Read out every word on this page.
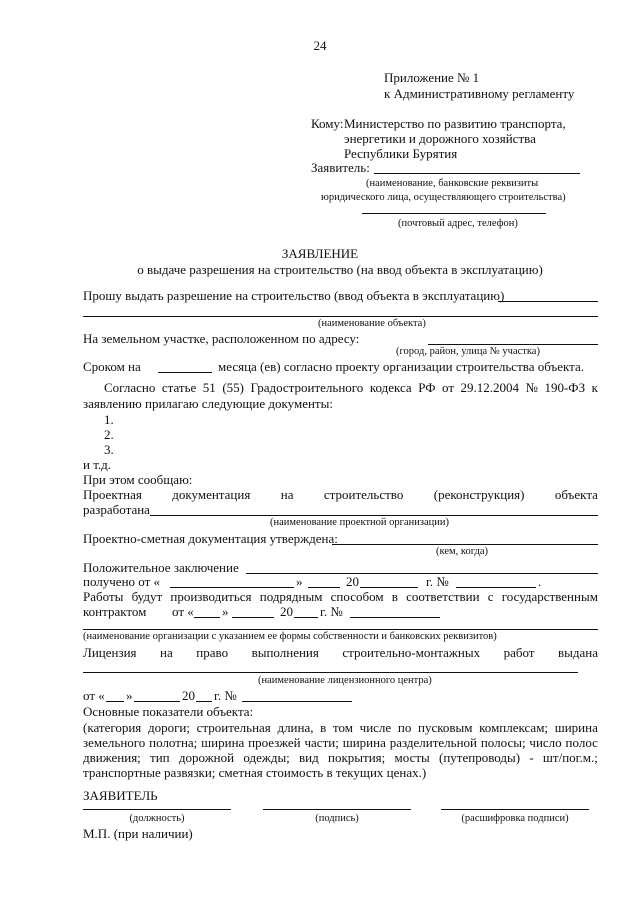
24
Приложение № 1
к Административному регламенту
Кому: Министерство по развитию транспорта,
энергетики и дорожного хозяйства
Республики Бурятия
Заявитель:
(наименование, банковские реквизиты
юридического лица, осуществляющего строительства)
(почтовый адрес, телефон)
ЗАЯВЛЕНИЕ
о выдаче разрешения на строительство (на ввод объекта в эксплуатацию)
Прошу выдать разрешение на строительство (ввод объекта в эксплуатацию)
(наименование объекта)
На земельном участке, расположенном по адресу:
(город, район, улица № участка)
Сроком на	месяца (ев) согласно проекту организации строительства объекта.
Согласно статье 51 (55) Градостроительного кодекса РФ от 29.12.2004 № 190-ФЗ к
заявлению прилагаю следующие документы:
1.
2.
3.
и т.д.
При этом сообщаю:
Проектная документация на строительство (реконструкция) объекта
разработана
(наименование проектной организации)
Проектно-сметная документация утверждена:
(кем, когда)
Положительное заключение
получено от «	»	20	г. №	.
Работы будут производиться подрядным способом в соответствии с государственным
контрактом от « »	20 г. №
(наименование организации с указанием ее формы собственности и банковских реквизитов)
Лицензия на право выполнения строительно-монтажных работ выдана
(наименование лицензионного центра)
от « »	20 г. №
Основные показатели объекта:
(категория дороги; строительная длина, в том числе по пусковым комплексам; ширина
земельного полотна; ширина проезжей части; ширина разделительной полосы; число полос
движения; тип дорожной одежды; вид покрытия; мосты (путепроводы) - шт/пог.м.;
транспортные развязки; сметная стоимость в текущих ценах.)
ЗАЯВИТЕЛЬ
(должность)	(подпись)	(расшифровка подписи)
М.П. (при наличии)
